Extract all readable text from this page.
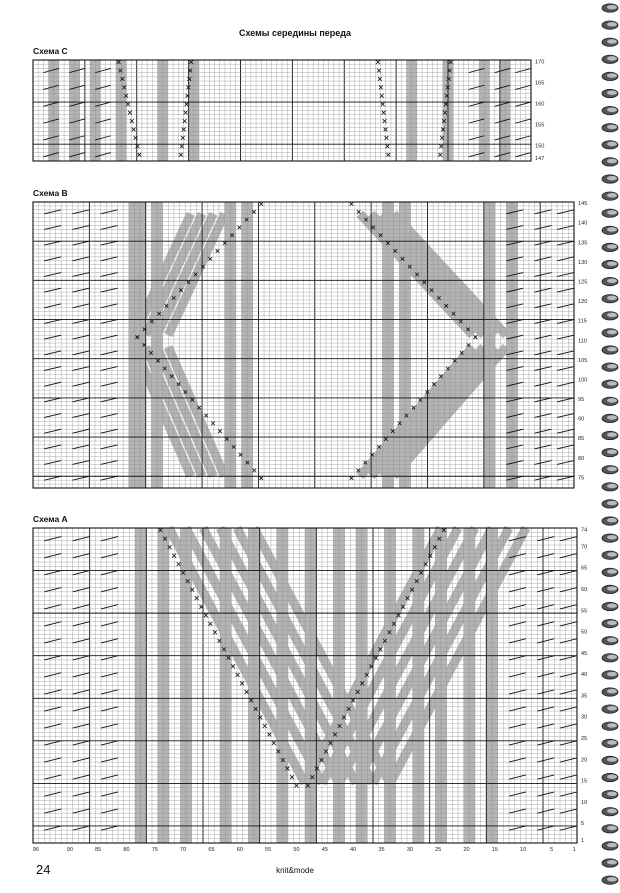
Схемы середины переда
Схема C
Схема B
Схема A
170
165
160
155
150
147
145
140
135
130
125
120
115
110
105
100
95
90
85
80
75
74
70
65
60
55
50
45
40
35
30
25
20
15
10
5
1
96	90	85	80	75	70	65	60	55	50	45	40	35	30	25	20	15	10	5	1
24	knit&mode
